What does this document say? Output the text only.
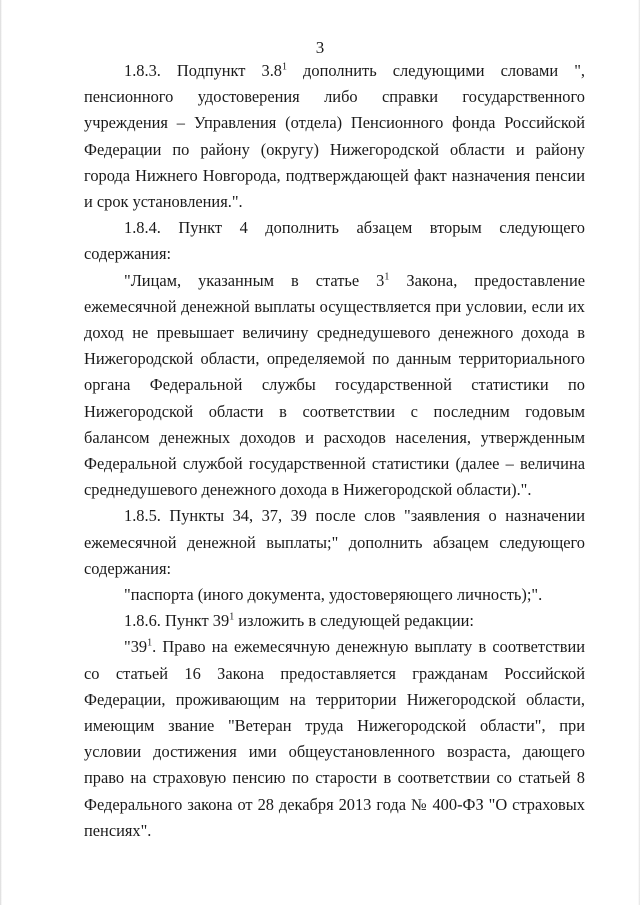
3

1.8.3. Подпункт $3.8^1$ дополнить следующими словами ", пенсионного удостоверения либо справки государственного учреждения – Управления (отдела) Пенсионного фонда Российской Федерации по району (округу) Нижегородской области и району города Нижнего Новгорода, подтверждающей факт назначения пенсии и срок установления.".

1.8.4. Пункт 4 дополнить абзацем вторым следующего содержания:

"Лицам, указанным в статье $3^1$ Закона, предоставление ежемесячной денежной выплаты осуществляется при условии, если их доход не превышает величину среднедушевого денежного дохода в Нижегородской области, определяемой по данным территориального органа Федеральной службы государственной статистики по Нижегородской области в соответствии с последним годовым балансом денежных доходов и расходов населения, утвержденным Федеральной службой государственной статистики (далее – величина среднедушевого денежного дохода в Нижегородской области).".

1.8.5. Пункты 34, 37, 39 после слов "заявления о назначении ежемесячной денежной выплаты;" дополнить абзацем следующего содержания:

"паспорта (иного документа, удостоверяющего личность);".

1.8.6. Пункт $39^1$ изложить в следующей редакции:

"$39^1$. Право на ежемесячную денежную выплату в соответствии со статьей 16 Закона предоставляется гражданам Российской Федерации, проживающим на территории Нижегородской области, имеющим звание "Ветеран труда Нижегородской области", при условии достижения ими общеустановленного возраста, дающего право на страховую пенсию по старости в соответствии со статьей 8 Федерального закона от 28 декабря 2013 года № 400-ФЗ "О страховых пенсиях".
